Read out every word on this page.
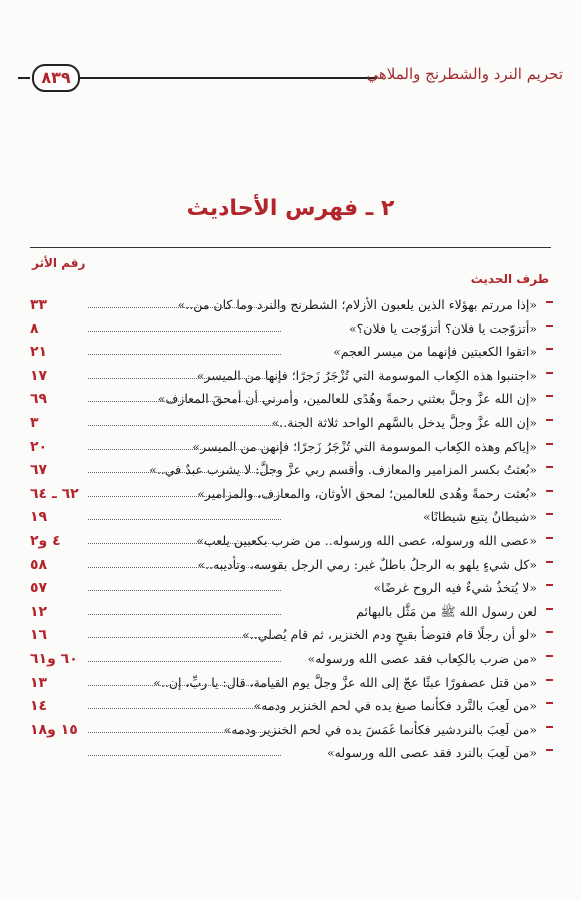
٨٣٩	تحريم النرد والشطرنج والملاهي
٢ ـ فهرس الأحاديث
رقم الأثر
طرف الحديث
«إذا مررتم بهؤلاء الذين يلعبون الأزلام؛ الشطرنج والنرد وما كان من..»
٣٣
«أتزوّجت يا فلان؟ أتزوّجت يا فلان؟»
٨
«اتقوا الكعبتين فإنهما من ميسر العجم»
٢١
«اجتنبوا هذه الكِعاب الموسومة التي تُزْجَرُ زَجرًا؛ فإنها من الميسر»
١٧
«إن الله عزَّ وجلَّ بعثني رحمةً وهُدًى للعالمين، وأمرني أن أمحقَ المعازف»
٦٩
«إن الله عزَّ وجلَّ يدخل بالسَّهم الواحد ثلاثة الجنة..»
٣
«إياكم وهذه الكِعاب الموسومة التي تُزْجَرُ زَجرًا؛ فإنهن من الميسر»
٢٠
«بُعثتُ بكسر المزامير والمعازف. وأقسم ربي عزَّ وجلَّ: لا يشرب عبدٌ في..»
٦٧
«بُعثت رحمةً وهُدى للعالمين؛ لمحق الأوثان، والمعازف، والمزامير»
٦٢ ـ ٦٤
«شيطانٌ يتبع شيطانًا»
١٩
«عصى الله ورسوله، عصى الله ورسوله.. من ضرب بكعبين يلعب»
٤ و٢
«كل شيءٍ يلهو به الرجلُ باطلٌ غير: رمي الرجل بقوسه، وتأديبه..»
٥٨
«لا يُتخذُ شيءٌ فيه الروح غرضًا»
٥٧
لعن رسول الله ﷺ من مَثَّل بالبهائم
١٢
«لو أن رجلًا قام فتوضأ بقيحٍ ودم الخنزير، ثم قام يُصلي..»
١٦
«من ضرب بالكِعاب فقد عصى الله ورسوله»
٦٠ و٦١
«من قتل عصفورًا عبثًا عجّ إلى الله عزَّ وجلَّ يوم القيامة، قال: يا ربِّ، إن..»
١٣
«من لَعِبَ بالنَّرد فكأنما صبغ يده في لحم الخنزير ودمه»
١٤
«من لَعِبَ بالنردشير فكأنما غَمَسَ يده في لحم الخنزير ودمه»
١٥ و١٨
«من لَعِبَ بالنرد فقد عصى الله ورسوله»
